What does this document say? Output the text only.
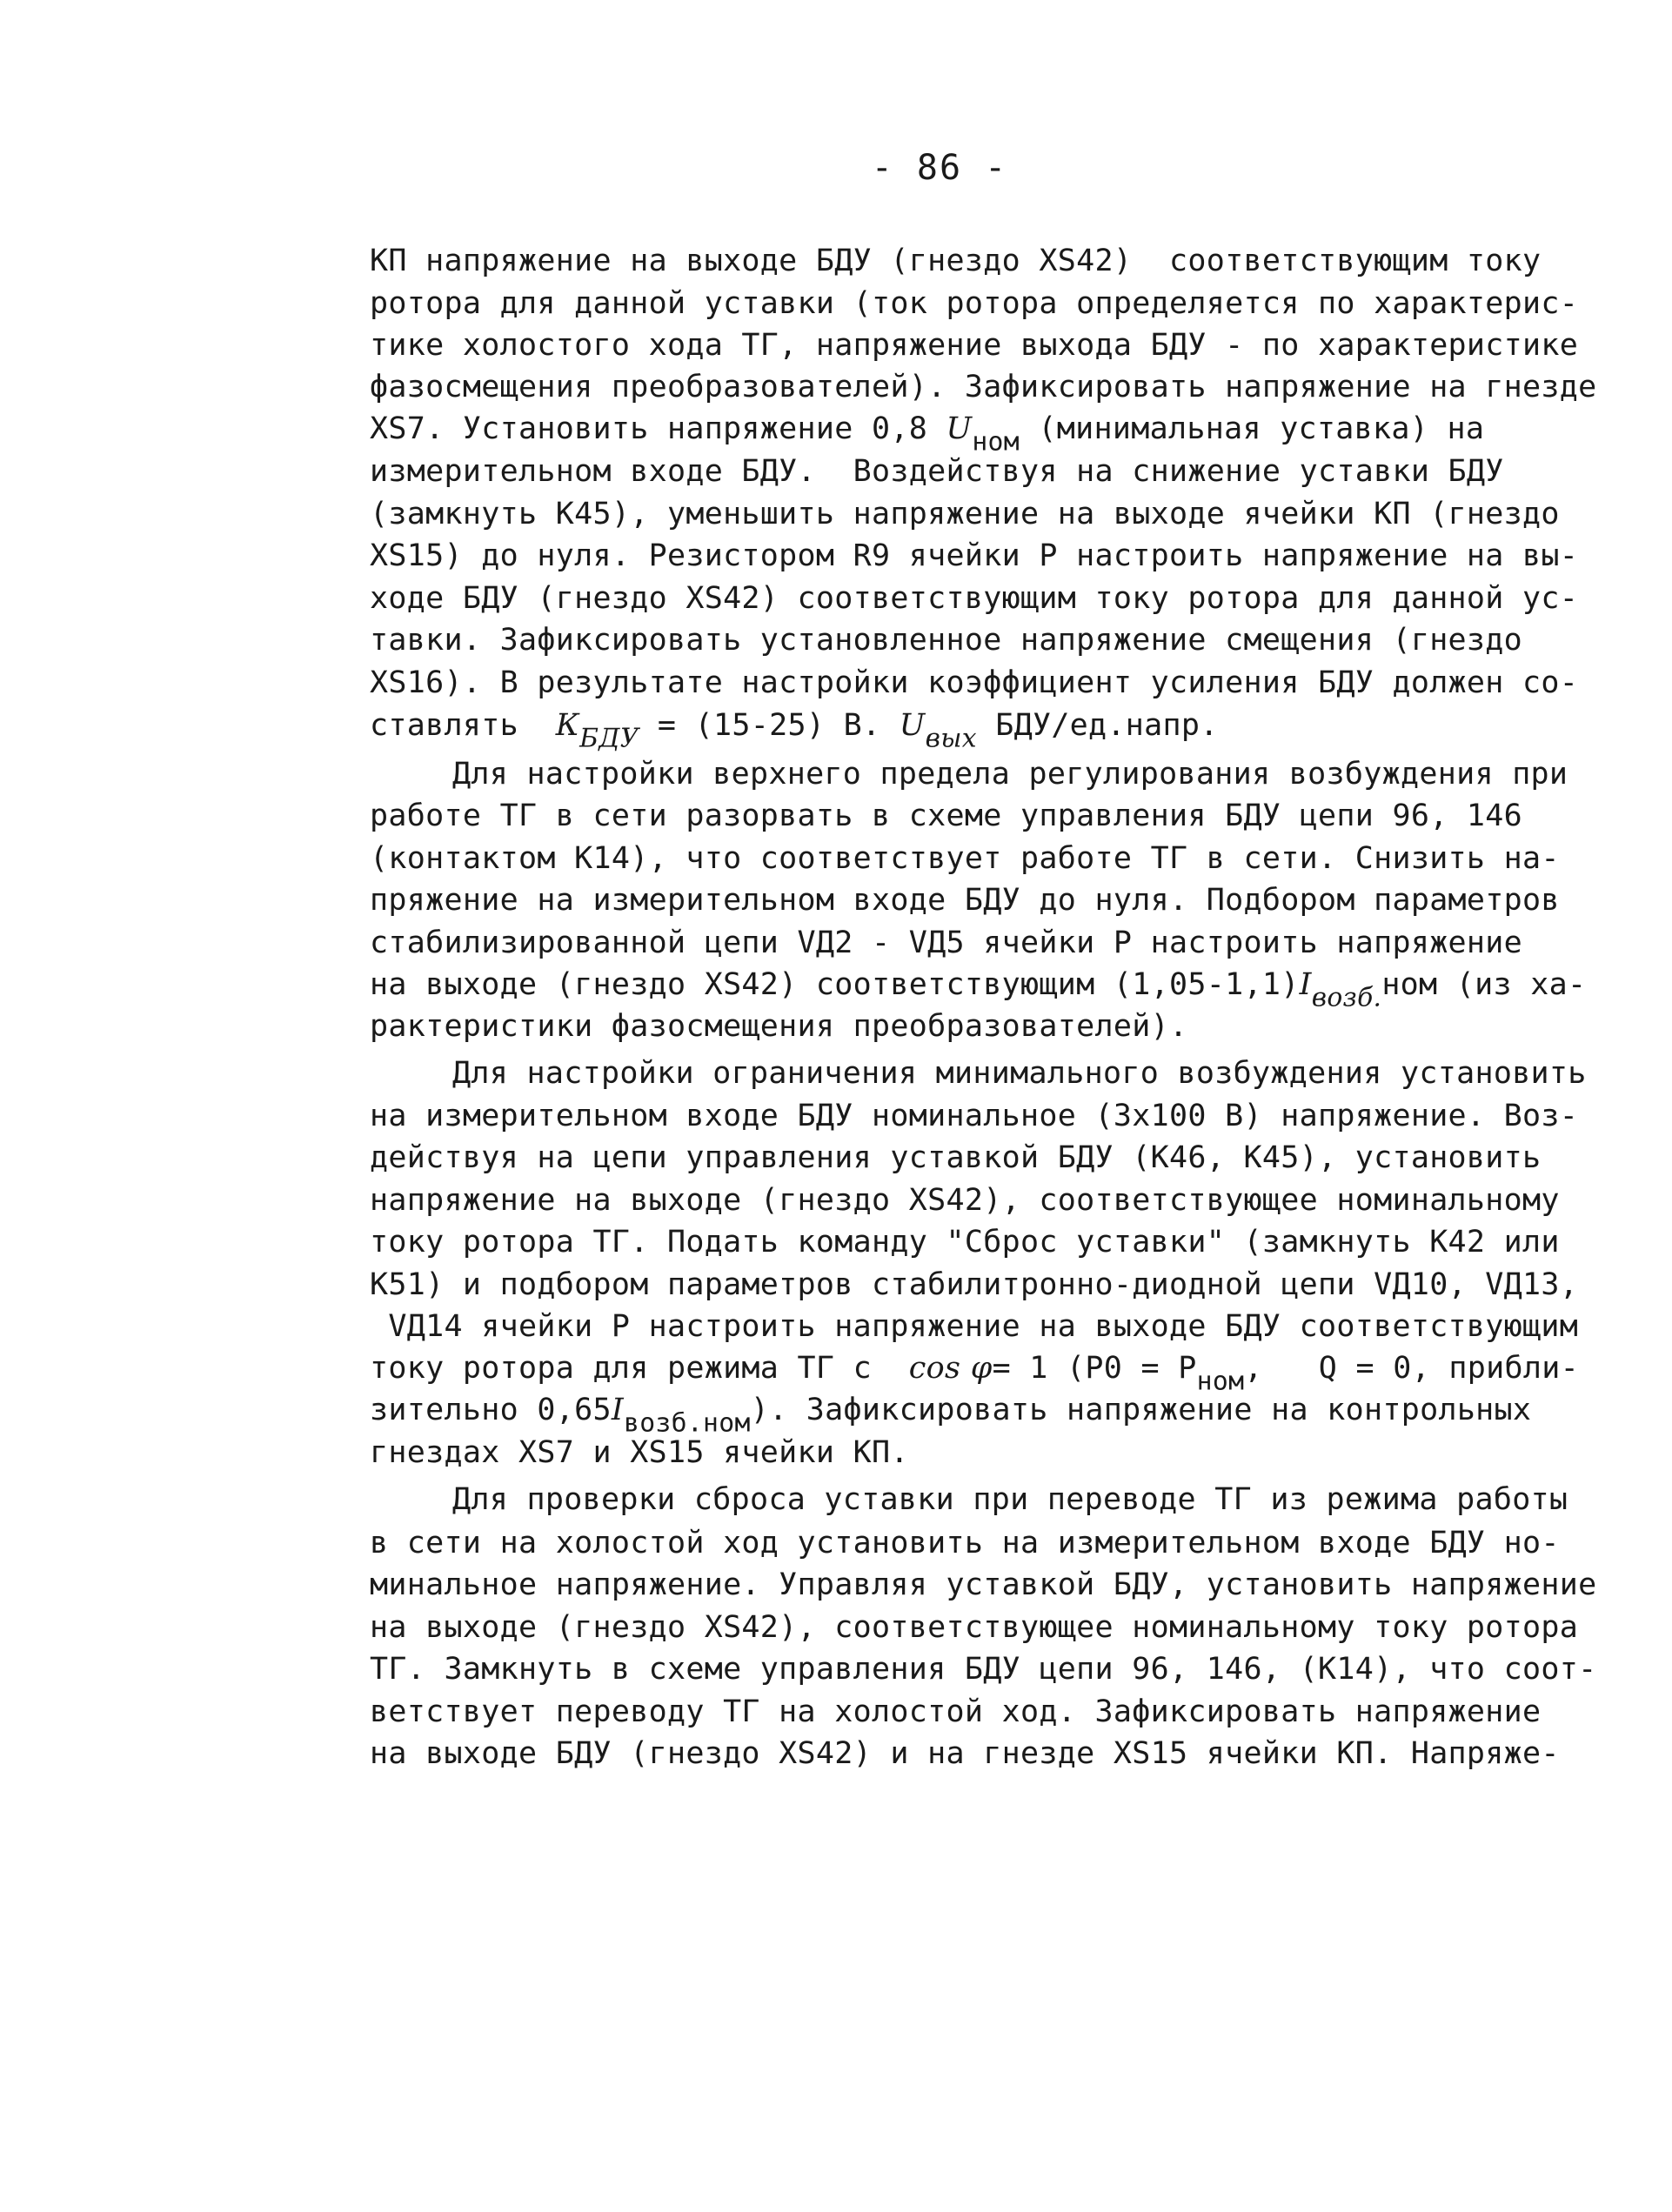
- 86 -
КП напряжение на выходе БДУ (гнездо XS42)  соответствующим току
ротора для данной уставки (ток ротора определяется по характерис-
тике холостого хода ТГ, напряжение выхода БДУ - по характеристике
фазосмещения преобразователей). Зафиксировать напряжение на гнезде
XS7. Установить напряжение 0,8 $U_{ном}$ (минимальная уставка) на
измерительном входе БДУ.  Воздействуя на снижение уставки БДУ
(замкнуть К45), уменьшить напряжение на выходе ячейки КП (гнездо
XS15) до нуля. Резистором R9 ячейки Р настроить напряжение на вы-
ходе БДУ (гнездо XS42) соответствующим току ротора для данной ус-
тавки. Зафиксировать установленное напряжение смещения (гнездо
XS16). В результате настройки коэффициент усиления БДУ должен со-
ставлять  $К_{БДУ} = (15-25)$ В. $U_{вых}$ БДУ/ед.напр.
Для настройки верхнего предела регулирования возбуждения при
работе ТГ в сети разорвать в схеме управления БДУ цепи 96, 146
(контактом К14), что соответствует работе ТГ в сети. Снизить на-
пряжение на измерительном входе БДУ до нуля. Подбором параметров
стабилизированной цепи VД2 - VД5 ячейки Р настроить напряжение
на выходе (гнездо XS42) соответствующим $(1,05-1,1)I_{возб.}ном$ (из ха-
рактеристики фазосмещения преобразователей).
Для настройки ограничения минимального возбуждения установить
на измерительном входе БДУ номинальное (3х100 В) напряжение. Воз-
действуя на цепи управления уставкой БДУ (К46, К45), установить
напряжение на выходе (гнездо XS42), соответствующее номинальному
току ротора ТГ. Подать команду "Сброс уставки" (замкнуть К42 или
К51) и подбором параметров стабилитронно-диодной цепи VД10, VД13,
VД14 ячейки Р настроить напряжение на выходе БДУ соответствующим
току ротора для режима ТГ с  cos φ= 1 ($Р0 = Р_{ном}$,   Q = 0, прибли-
зительно $0,65I_{возб.ном}$). Зафиксировать напряжение на контрольных
гнездах XS7 и XS15 ячейки КП.
Для проверки сброса уставки при переводе ТГ из режима работы
в сети на холостой ход установить на измерительном входе БДУ но-
минальное напряжение. Управляя уставкой БДУ, установить напряжение
на выходе (гнездо XS42), соответствующее номинальному току ротора
ТГ. Замкнуть в схеме управления БДУ цепи 96, 146, (К14), что соот-
ветствует переводу ТГ на холостой ход. Зафиксировать напряжение
на выходе БДУ (гнездо XS42) и на гнезде XS15 ячейки КП. Напряже-
